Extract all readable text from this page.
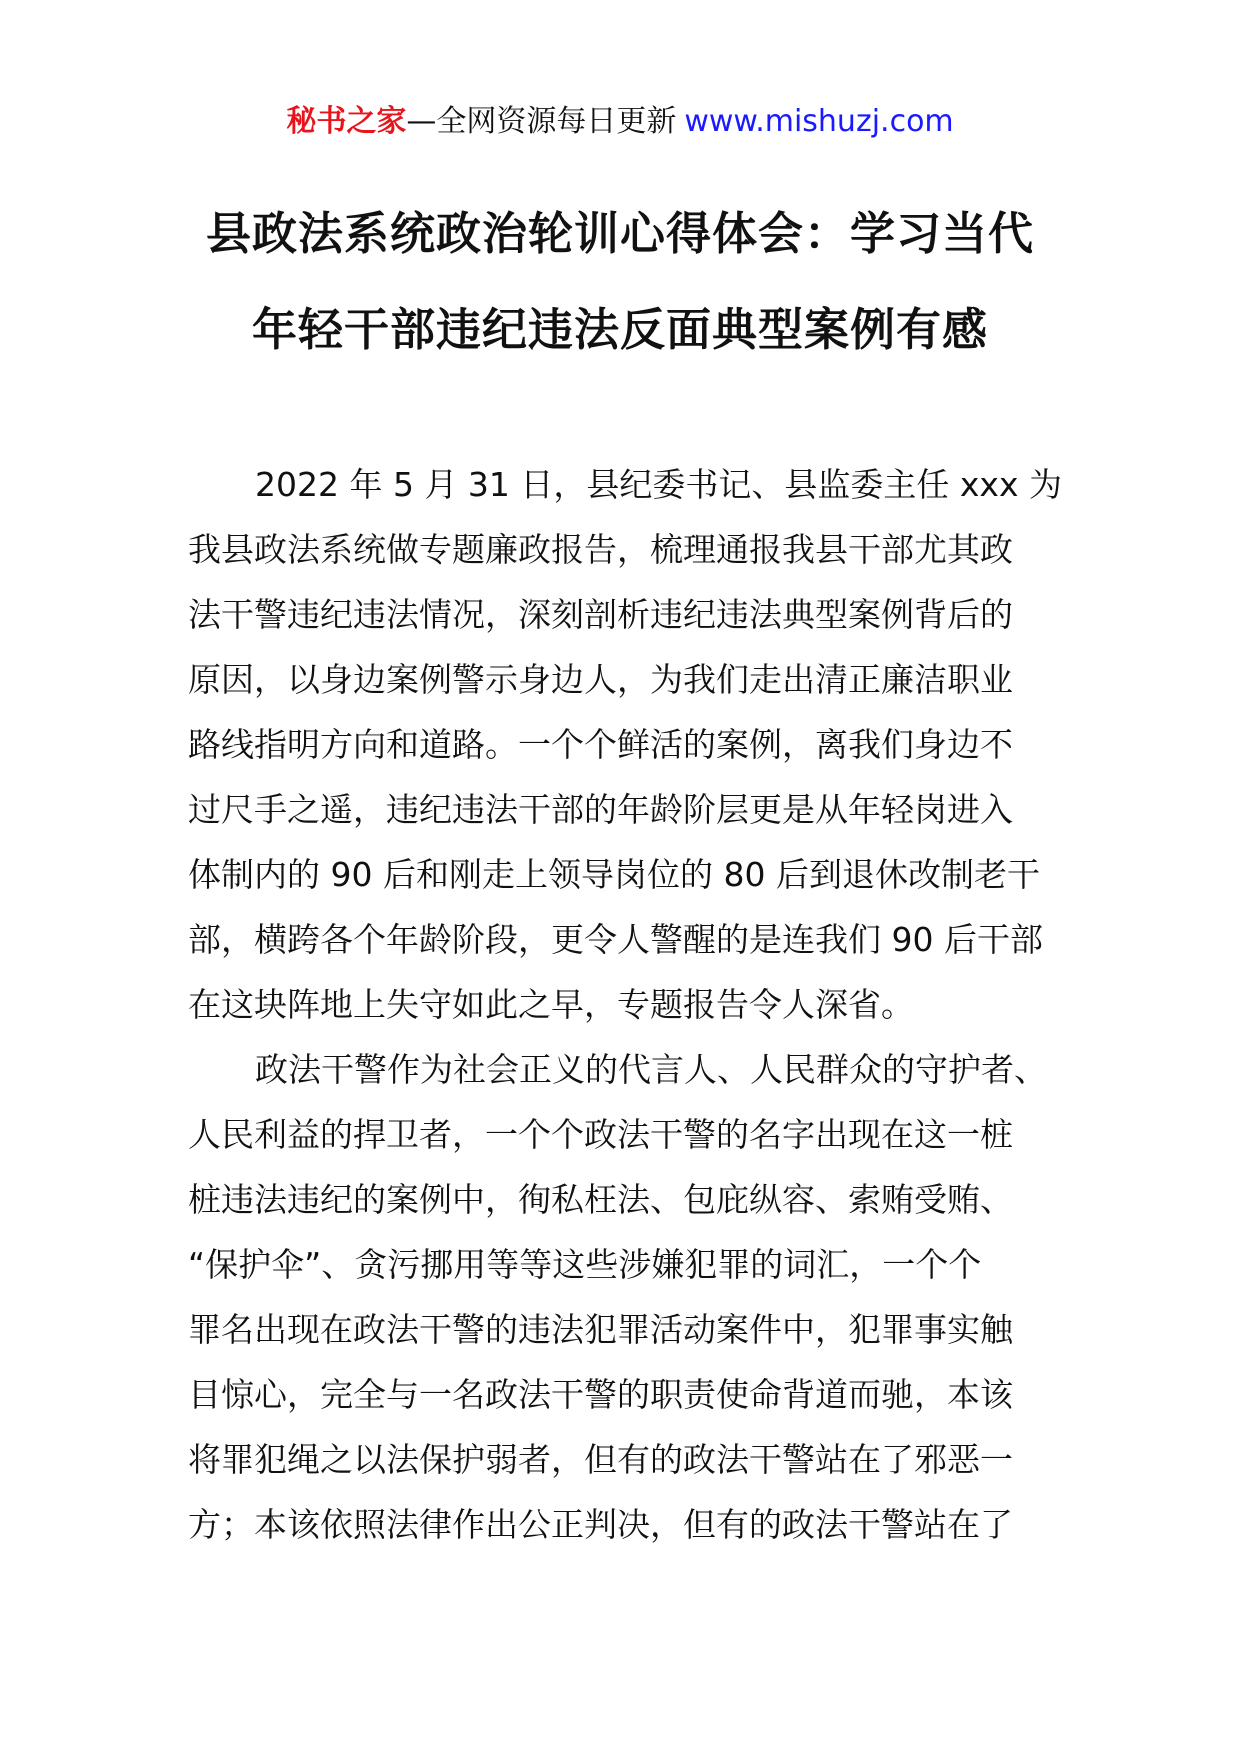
秘书之家—全网资源每日更新 www.mishuzj.com
县政法系统政治轮训心得体会：学习当代
年轻干部违纪违法反面典型案例有感
2022 年 5 月 31 日，县纪委书记、县监委主任 xxx 为
我县政法系统做专题廉政报告，梳理通报我县干部尤其政
法干警违纪违法情况，深刻剖析违纪违法典型案例背后的
原因，以身边案例警示身边人，为我们走出清正廉洁职业
路线指明方向和道路。一个个鲜活的案例，离我们身边不
过尺手之遥，违纪违法干部的年龄阶层更是从年轻岗进入
体制内的 90 后和刚走上领导岗位的 80 后到退休改制老干
部，横跨各个年龄阶段，更令人警醒的是连我们 90 后干部
在这块阵地上失守如此之早，专题报告令人深省。
政法干警作为社会正义的代言人、人民群众的守护者、
人民利益的捍卫者，一个个政法干警的名字出现在这一桩
桩违法违纪的案例中，徇私枉法、包庇纵容、索贿受贿、
“保护伞”、贪污挪用等等这些涉嫌犯罪的词汇，一个个
罪名出现在政法干警的违法犯罪活动案件中，犯罪事实触
目惊心，完全与一名政法干警的职责使命背道而驰，本该
将罪犯绳之以法保护弱者，但有的政法干警站在了邪恶一
方；本该依照法律作出公正判决，但有的政法干警站在了
